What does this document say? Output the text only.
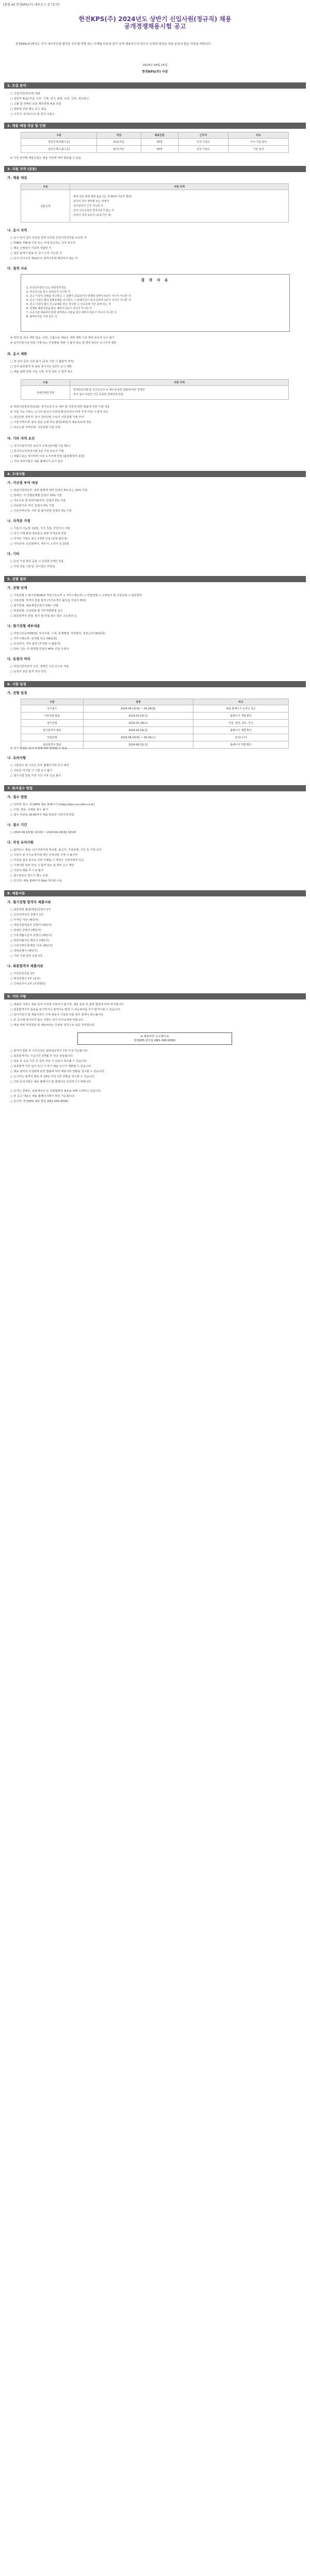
[별첨 #] 한전KPS(주) 채용공고 문 (요약)
한전KPS(주) 2024년도 상반기 신입사원(정규직) 채용
공개경쟁채용시험 공고
한전KPS(주)에서는 국가 에너지산업 발전을 선도할 역량 있는 인재를 다음과 같이 공개 채용하고자 하오니 능력과 열정을 갖춘 분들의 많은 지원을 바랍니다.
2024년 04월 15일
한전KPS(주) 사장
1. 모집 분야
□ 신입사원(정규직) 채용
□ 일반직 4(을)직급: 사무, 기계, 전기, 화학, 토목, 건축, 정보통신
□ 고졸 및 장애인·보훈 제한경쟁 채용 포함
□ 채용형 인턴 별도 공고 없음
□ 근무지: 본사(나주) 및 전국 사업소
2. 채용 예정 직급 및 인원
구분	직급	채용인원	근무지	비고
일반공개(대졸수준)	4(을)직급	00명	전국 사업소	사무·기술 분야
일반공개(고졸수준)	4(나)직급	00명	전국 사업소	기술 분야
※ 지원 분야별 채용인원은 채용 여건에 따라 변동될 수 있음
3. 지원 자격 (공통)
가. 채용 대상
구분	지원 자격
일반공개	· 학력·전공·연령 제한 없음 (단, 만 60세 이상자 제외)
· 남자의 경우 병역필 또는 면제자
· 입사일부터 근무 가능한 자
· 당사 인사규정상 결격사유가 없는 자
· 외국어 성적 보유자 (유효기간 내)
나. 응시 자격
○ 응시 원서 접수 마감일 현재 유효한 공인어학성적을 보유한 자
○ TOEIC 700점 이상 또는 이에 상응하는 성적 보유자
○ 채용 신체검사 기준에 적합한 자
○ 최종 합격자 발표 후 즉시 근무 가능한 자
○ 당사 인사규정 제10조의 결격사유에 해당하지 않는 자
다. 결격 사유
결 격 사 유
1. 피성년후견인 또는 피한정후견인
2. 파산선고를 받고 복권되지 아니한 자
3. 금고 이상의 실형을 선고받고 그 집행이 종료되거나 면제된 날부터 5년이 지나지 아니한 자
4. 금고 이상의 형의 집행유예를 선고받고 그 유예기간이 끝난 날부터 2년이 지나지 아니한 자
5. 금고 이상의 형의 선고유예를 받은 경우에 그 선고유예 기간 중에 있는 자
6. 징계로 해임처분을 받은 때부터 3년이 지나지 아니한 자
7. 공공기관 채용비리 관련 합격취소 처분을 받은 때부터 5년이 지나지 아니한 자
8. 병역의무를 기피 중인 자
※ 학력 및 전공 제한 없음. 다만, 고졸수준 채용은 대학 재학 이상 학력 보유자 응시 불가
※ 입사지원서상 허위 기재 또는 부정행위 적발 시 합격 취소 및 향후 5년간 응시자격 제한
라. 응시 제한
□ 전 분야 중복 지원 불가 (중복 지원 시 불합격 처리)
□ 당사 최종합격 후 임용 포기자는 1년간 응시 제한
□ 채용 관련 허위 사실 기재, 부정 청탁 시 합격 취소
구분	지원 자격
장애인제한경쟁	· 장애인복지법 및 국가유공자 등 예우에 관한 법률에 따른 장애인
· 원서 접수 마감일 기준 등록된 장애인에 한함
※ 취업지원대상자(보훈): 국가유공자 등 예우 및 지원에 관한 법률에 의한 가점 적용
※ 지원 가능 여부는 응시자 본인이 사전에 확인하여야 하며 자격 미달 시 합격 취소
○ 청년인턴 경력자: 당사 청년인턴 수료자 서류전형 가점 부여
○ 이전지역인재: 광주·전남 소재 학교 졸업(예정)자 채용목표제 적용
○ 비수도권 지역인재: 서류전형 가점 부여
마. 기타 자격 요건
□ 국가기술자격증 보유자 우대 (분야별 기준 별도)
□ 한국사능력검정시험 3급 이상 보유자 가점
□ 대졸수준은 학사학위 이상 소지자에 한함 (졸업예정자 포함)
□ 기타 세부사항은 채용 홈페이지 공지 참조
4. 우대사항
가. 가산점 부여 대상
○ 취업지원대상자: 관련 법령에 따라 만점의 5% 또는 10% 가점
○ 장애인: 각 전형단계별 만점의 10% 가점
○ 저소득층 및 북한이탈주민: 만점의 5% 가점
○ 다문화가족 자녀: 만점의 5% 가점
○ 이전지역인재: 서류 및 필기전형 만점의 3% 가점
나. 자격증 가점
○ 기술사·기능장: 10점, 기사: 5점, 산업기사: 3점
○ 전기·기계·화학·정보통신 관련 자격증에 한함
○ 자격증 가점은 최고 1개만 인정 (중복 불인정)
○ 사무분야: 공인회계사, 세무사, 노무사 등 10점
다. 기타
○ 동일 가점 항목 중복 시 유리한 1개만 적용
○ 가점 적용 기준일: 원서접수 마감일
5. 전형 절차
가. 전형 단계
○ 서류전형 → 필기전형(NCS 직업기초능력 + 직무수행능력) → 면접전형 → 신체검사 및 신원조회 → 최종합격
○ 서류전형: 적격자 전원 합격 (자기소개서 불성실 작성자 제외)
○ 필기전형: 채용예정인원의 3배수 선발
○ 면접전형: 인성면접 및 직무역량면접 실시
○ 최종합격자 결정: 필기 및 면접 점수 합산 고득점자 순
나. 필기전형 세부내용
○ 직업기초능력(NCS): 의사소통, 수리, 문제해결, 자원관리, 정보능력 (50문항)
○ 직무수행능력: 분야별 전공 (50문항)
○ 인성검사: 적부 판정 (부적합 시 불합격)
○ 과락 기준: 각 영역별 만점의 40% 미만 득점자
다. 동점자 처리
○ 취업지원대상자 우선, 장애인 우선 순으로 적용
○ 동점자 전원 합격 처리 원칙
6. 시험 일정
가. 전형 일정
구분	일정	비고
원서접수	2024.04.15(월) ~ 04.29(월)	채용 홈페이지 온라인 접수
서류전형 발표	2024.05.03(금)	홈페이지 개별 확인
필기전형	2024.05.18(토)	서울, 대전, 광주, 부산
필기합격자 발표	2024.05.24(금)	홈페이지 개별 확인
면접전형	2024.06.03(월) ~ 06.05(수)	본사(나주)
최종합격자 발표	2024.06.21(금)	홈페이지 개별 확인
※ 상기 일정은 당사 사정에 따라 변경될 수 있음
나. 유의사항
○ 시험장소 및 시간은 추후 홈페이지에 공지 예정
○ 신분증 미지참 시 시험 응시 불가
○ 필기시험 당일 지정 시간 이후 입실 불가
7. 원서접수 방법
가. 접수 방법
○ 인터넷 접수: 한전KPS 채용 홈페이지 (https://kps.recruiter.co.kr)
○ 우편, 방문, 이메일 접수 불가
○ 접수 마감일 18:00까지 제출 완료된 지원서에 한함
나. 접수 기간
○ 2024.04.15(월) 10:00 ~ 2024.04.29(월) 18:00
다. 작성 유의사항
○ 블라인드 채용: 입사지원서에 학교명, 출신지, 가족관계, 사진 등 기재 금지
○ 지원서 및 자기소개서에 개인 인적사항 기재 시 불이익
○ 마감일 접속 폭주로 인한 미제출 시 책임은 지원자에게 있음
○ 기재사항 허위 작성 시 합격 취소 및 향후 응시 제한
○ 지원서 제출 후 수정 불가
○ 접수번호는 반드시 별도 보관
○ 문의처: 채용 홈페이지 Q&A 게시판 이용
8. 제출서류
가. 필기전형 합격자 제출서류
○ 최종학력 졸업(예정)증명서 1부
○ 공인어학성적 증명서 1부
○ 자격증 사본 (해당자)
○ 취업지원대상자 증명서 (해당자)
○ 장애인 증명서 (해당자)
○ 기초생활수급자 증명서 (해당자)
○ 북한이탈주민 확인서 (해당자)
○ 이전지역인재 확인 서류 (해당자)
○ 경력증명서 (해당자)
○ 기타 가점 관련 증빙서류
나. 최종합격자 제출서류
○ 주민등록초본 1부
○ 병적증명서 1부 (남자)
○ 신체검사서 1부 (지정병원)
9. 기타 사항
○ 제출된 서류는 채용 목적 이외에 사용하지 않으며, 채용 종료 후 관련 법령에 따라 파기합니다.
○ 최종합격자가 임용을 포기하거나 결격사유 발생 시 차순위자를 추가 합격시킬 수 있습니다.
○ 입사지원서 및 제출서류의 기재 내용이 사실과 다를 경우 합격이 취소됩니다.
○ 본 공고에 명시되지 않은 사항은 당사 인사규정에 따릅니다.
○ 채용 관련 부정청탁 및 채용비리는 무관용 원칙으로 엄중 처리합니다.
※ 채용비리 신고센터 ※
한전KPS 감사실 (061-345-0000)
○ 합격자 발표 후 이의신청은 발표일로부터 7일 이내 가능합니다.
○ 최종합격자는 수습기간 3개월 후 정규 임용됩니다.
○ 임용 후 교육 기간 중 성적 미달 시 임용이 취소될 수 있습니다.
○ 최종합격 이후 입사 포기 시 차기 채용 응시가 제한될 수 있습니다.
○ 채용 절차의 공정화에 관한 법률에 따라 채용서류 반환을 청구할 수 있습니다.
○ 응시자는 합격자 발표 후 14일 이내 서류 반환을 청구할 수 있습니다.
○ 기타 문의사항은 채용 홈페이지 및 콜센터로 문의하시기 바랍니다.
○ 당사는 장애인, 보훈대상자 등 사회형평적 채용을 위해 노력하고 있습니다.
○ 본 공고 내용은 채용 홈페이지에서 확인 가능합니다.
○ 문의처: 한전KPS 채용 담당 (061-345-0000)
